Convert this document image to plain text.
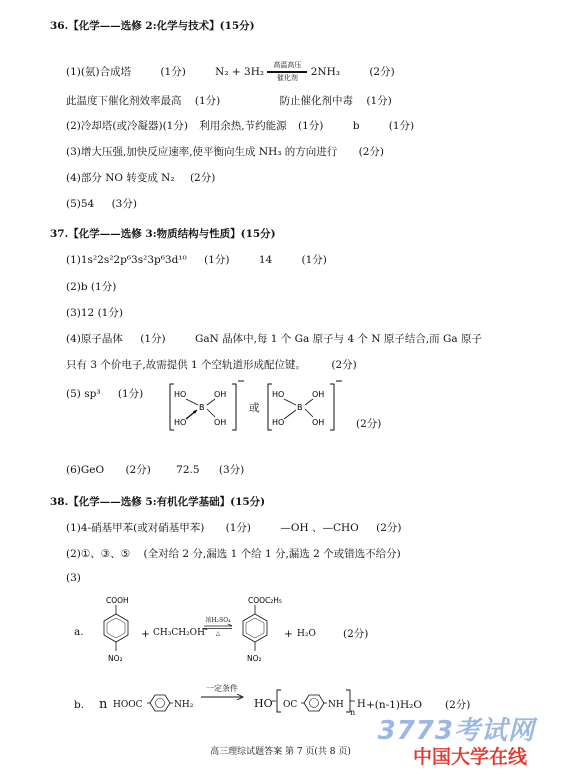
36.【化学——选修 2:化学与技术】(15分)
(1)(氨)合成塔	(1分)	N₂ + 3H₂
高温高压
催化剂 2NH₃	(2分)
此温度下催化剂效率最高 (1分)	防止催化剂中毒 (1分)
(2)冷却塔(或冷凝器)(1分) 利用余热,节约能源 (1分)	b	(1分)
(3)增大压强,加快反应速率,使平衡向生成 NH₃ 的方向进行 (2分)
(4)部分 NO 转变成 N₂ (2分)
(5)54 (3分)
37.【化学——选修 3:物质结构与性质】(15分)
(1)1s²2s²2p⁶3s²3p⁶3d¹⁰ (1分)	14	(1分)
(2)b (1分)
(3)12 (1分)
(4)原子晶体 (1分)	GaN 晶体中,每 1 个 Ga 原子与 4 个 N 原子结合,而 Ga 原子
只有 3 个价电子,故需提供 1 个空轨道形成配位键。 (2分)
(5) sp³ (1分)	HO	OH
B
HO	OH
或
HO	OH
B
HO	OH	(2分)
(6)GeO (2分) 72.5 (3分)
38.【化学——选修 5:有机化学基础】(15分)
(1)4-硝基甲苯(或对硝基甲苯) (1分)	—OH 、—CHO (2分)
(2)①、③、⑤ (全对给 2 分,漏选 1 个给 1 分,漏选 2 个或错选不给分)
(3)
a.
COOH
NO₂
+ CH₃CH₂OH
浓H₂SO₄
△
COOC₂H₅
NO₂
+ H₂O	(2分)
b. n HOOC	NH₂
一定条件
HO OC	NH
n
H +(n-1)H₂O (2分)
高三理综试题答案 第 7 页(共 8 页)
3773考试网
中国大学在线
